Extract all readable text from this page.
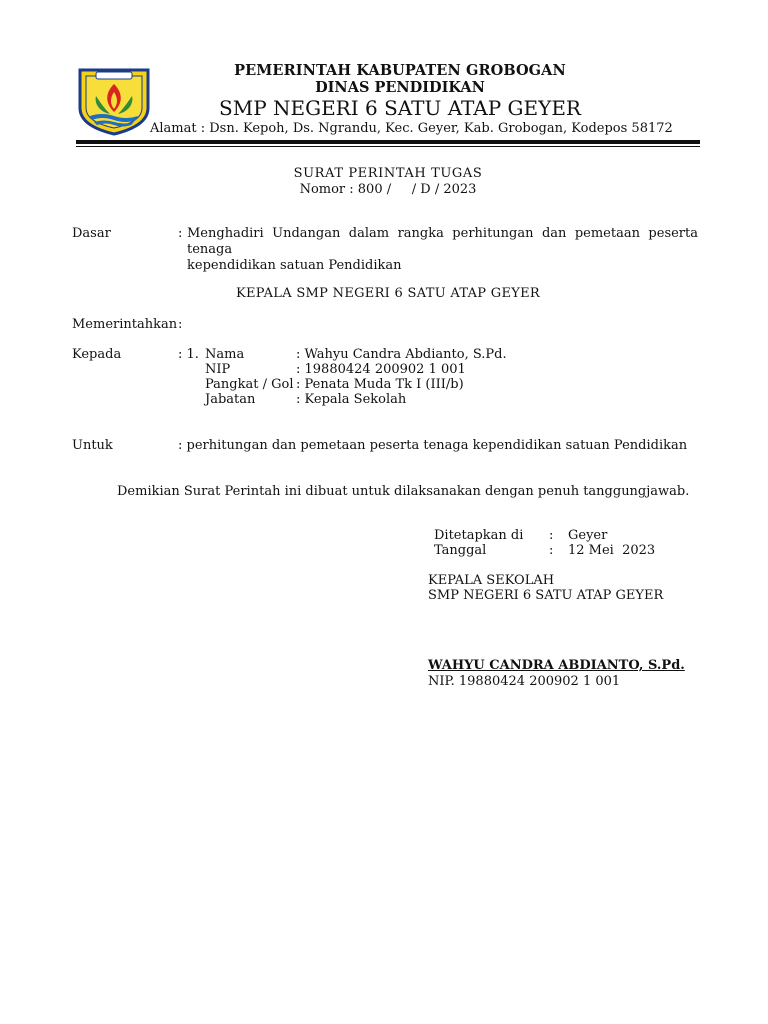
PEMERINTAH KABUPATEN GROBOGAN
DINAS PENDIDIKAN
SMP NEGERI 6 SATU ATAP GEYER
Alamat : Dsn. Kepoh, Ds. Ngrandu, Kec. Geyer, Kab. Grobogan, Kodepos 58172
SURAT PERINTAH TUGAS
Nomor : 800 /     / D / 2023
Dasar	: Menghadiri Undangan dalam rangka perhitungan dan pemetaan peserta tenaga
kependidikan satuan Pendidikan
KEPALA SMP NEGERI 6 SATU ATAP GEYER
Memerintahkan :
Kepada	: 1. Nama	: Wahyu Candra Abdianto, S.Pd.
NIP	: 19880424 200902 1 001
Pangkat / Gol : Penata Muda Tk I (III/b)
Jabatan	: Kepala Sekolah
Untuk	: perhitungan dan pemetaan peserta tenaga kependidikan satuan Pendidikan
Demikian Surat Perintah ini dibuat untuk dilaksanakan dengan penuh tanggungjawab.
Ditetapkan di : Geyer
Tanggal	: 12 Mei  2023
KEPALA SEKOLAH
SMP NEGERI 6 SATU ATAP GEYER
WAHYU CANDRA ABDIANTO, S.Pd.
NIP. 19880424 200902 1 001
